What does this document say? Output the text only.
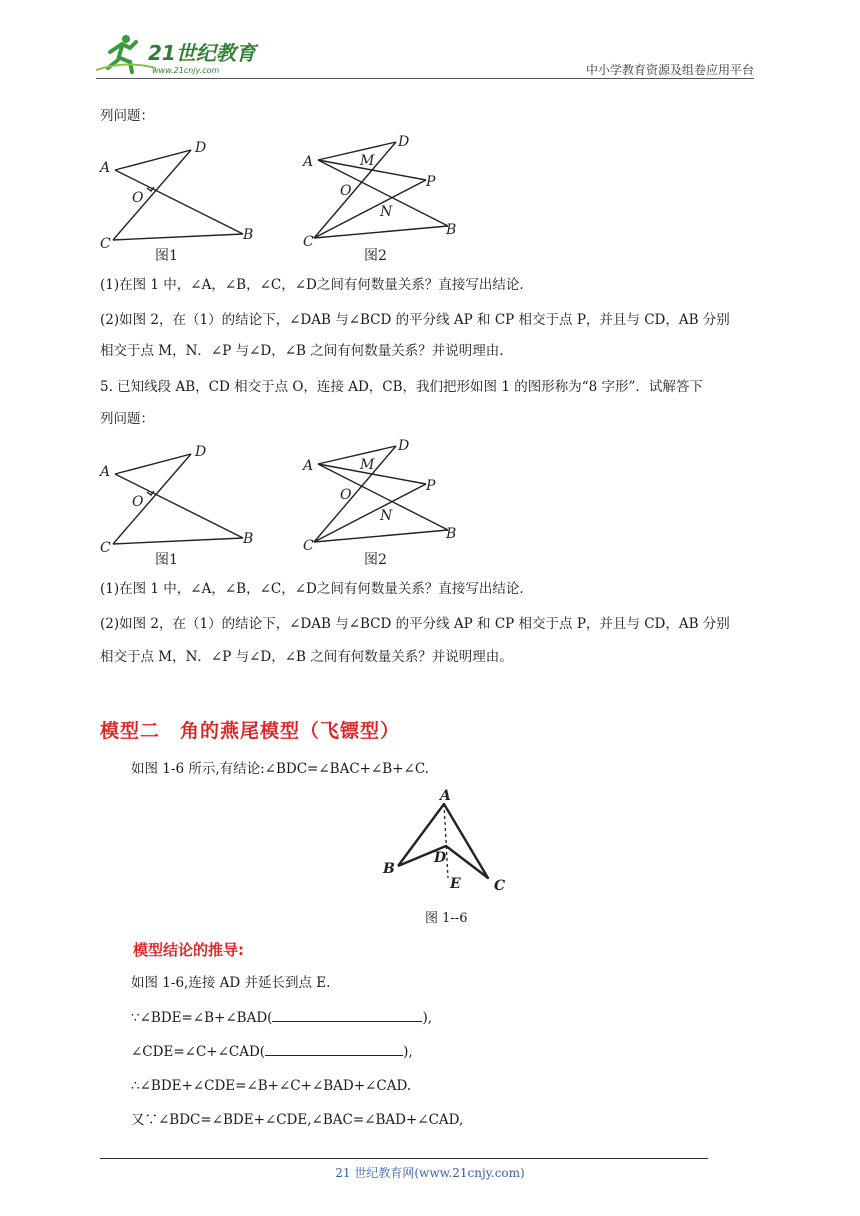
21世纪教育
www.21cnjy.com	中小学教育资源及组卷应用平台
列问题：
A
D
O
C
B
图1
A
D
M
O
P
N
C
B
图2
(1)在图 1 中，∠A，∠B，∠C，∠D之间有何数量关系？直接写出结论.
(2)如图 2，在（1）的结论下，∠DAB 与∠BCD 的平分线 AP 和 CP 相交于点 P，并且与 CD，AB 分别
相交于点 M，N．∠P 与∠D，∠B 之间有何数量关系？并说明理由.
5. 已知线段 AB，CD 相交于点 O，连接 AD，CB，我们把形如图 1 的图形称为“8 字形”．试解答下
列问题：
A
D
O
C
B
图1
A
D
M
O
P
N
C
B
图2
(1)在图 1 中，∠A，∠B，∠C，∠D之间有何数量关系？直接写出结论.
(2)如图 2，在（1）的结论下，∠DAB 与∠BCD 的平分线 AP 和 CP 相交于点 P，并且与 CD，AB 分别
相交于点 M，N．∠P 与∠D，∠B 之间有何数量关系？并说明理由。
模型二　角的燕尾模型（飞镖型）
如图 1-6 所示,有结论:∠BDC=∠BAC+∠B+∠C.
A
B
D
E C
图 1--6
模型结论的推导:
如图 1-6,连接 AD 并延长到点 E.
∵∠BDE=∠B+∠BAD(	),
∠CDE=∠C+∠CAD(	),
∴∠BDE+∠CDE=∠B+∠C+∠BAD+∠CAD.
又∵∠BDC=∠BDE+∠CDE,∠BAC=∠BAD+∠CAD,
21 世纪教育网(www.21cnjy.com)
